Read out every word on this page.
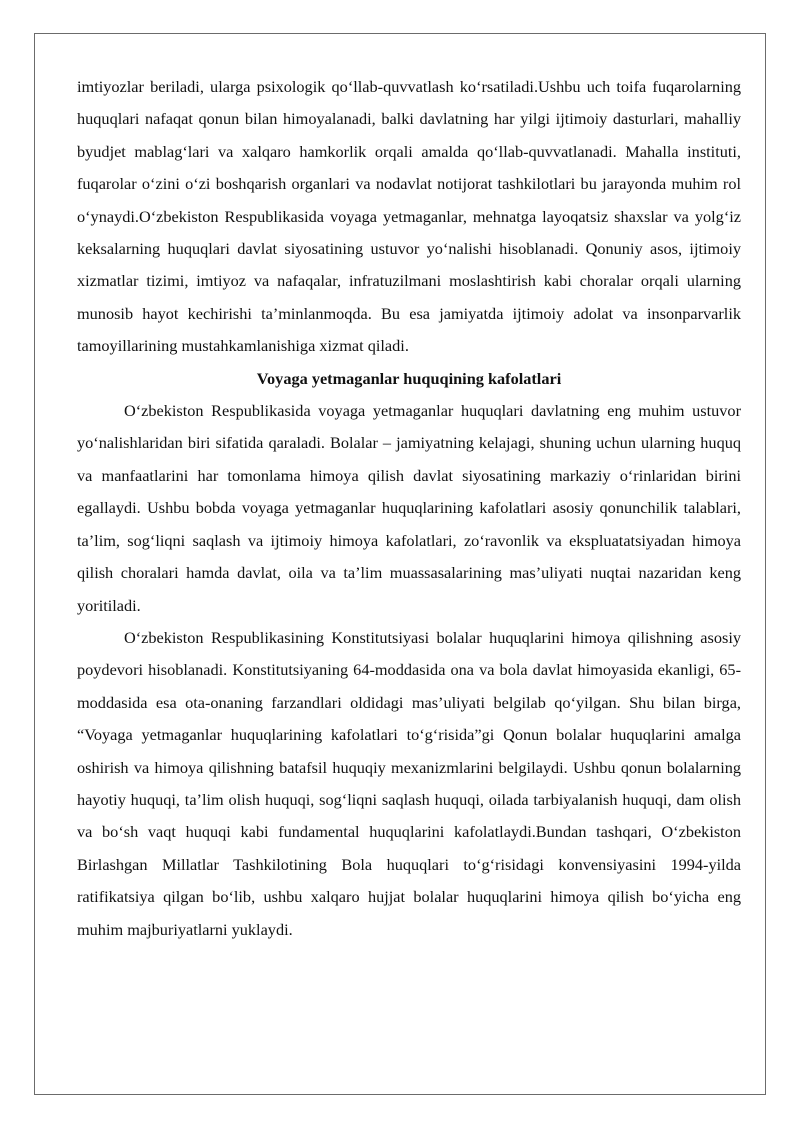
imtiyozlar beriladi, ularga psixologik qo‘llab-quvvatlash ko‘rsatiladi.Ushbu uch toifa fuqarolarning huquqlari nafaqat qonun bilan himoyalanadi, balki davlatning har yilgi ijtimoiy dasturlari, mahalliy byudjet mablag‘lari va xalqaro hamkorlik orqali amalda qo‘llab-quvvatlanadi. Mahalla instituti, fuqarolar o‘zini o‘zi boshqarish organlari va nodavlat notijorat tashkilotlari bu jarayonda muhim rol o‘ynaydi.O‘zbekiston Respublikasida voyaga yetmaganlar, mehnatga layoqatsiz shaxslar va yolg‘iz keksalarning huquqlari davlat siyosatining ustuvor yo‘nalishi hisoblanadi. Qonuniy asos, ijtimoiy xizmatlar tizimi, imtiyoz va nafaqalar, infratuzilmani moslashtirish kabi choralar orqali ularning munosib hayot kechirishi ta’minlanmoqda. Bu esa jamiyatda ijtimoiy adolat va insonparvarlik tamoyillarining mustahkamlanishiga xizmat qiladi.

Voyaga yetmaganlar huquqining kafolatlari

O‘zbekiston Respublikasida voyaga yetmaganlar huquqlari davlatning eng muhim ustuvor yo‘nalishlaridan biri sifatida qaraladi. Bolalar – jamiyatning kelajagi, shuning uchun ularning huquq va manfaatlarini har tomonlama himoya qilish davlat siyosatining markaziy o‘rinlaridan birini egallaydi. Ushbu bobda voyaga yetmaganlar huquqlarining kafolatlari asosiy qonunchilik talablari, ta’lim, sog‘liqni saqlash va ijtimoiy himoya kafolatlari, zo‘ravonlik va ekspluatatsiyadan himoya qilish choralari hamda davlat, oila va ta’lim muassasalarining mas’uliyati nuqtai nazaridan keng yoritiladi.

O‘zbekiston Respublikasining Konstitutsiyasi bolalar huquqlarini himoya qilishning asosiy poydevori hisoblanadi. Konstitutsiyaning 64-moddasida ona va bola davlat himoyasida ekanligi, 65-moddasida esa ota-onaning farzandlari oldidagi mas’uliyati belgilab qo‘yilgan. Shu bilan birga, “Voyaga yetmaganlar huquqlarining kafolatlari to‘g‘risida”gi Qonun bolalar huquqlarini amalga oshirish va himoya qilishning batafsil huquqiy mexanizmlarini belgilaydi. Ushbu qonun bolalarning hayotiy huquqi, ta’lim olish huquqi, sog‘liqni saqlash huquqi, oilada tarbiyalanish huquqi, dam olish va bo‘sh vaqt huquqi kabi fundamental huquqlarini kafolatlaydi.Bundan tashqari, O‘zbekiston Birlashgan Millatlar Tashkilotining Bola huquqlari to‘g‘risidagi konvensiyasini 1994-yilda ratifikatsiya qilgan bo‘lib, ushbu xalqaro hujjat bolalar huquqlarini himoya qilish bo‘yicha eng muhim majburiyatlarni yuklaydi.
